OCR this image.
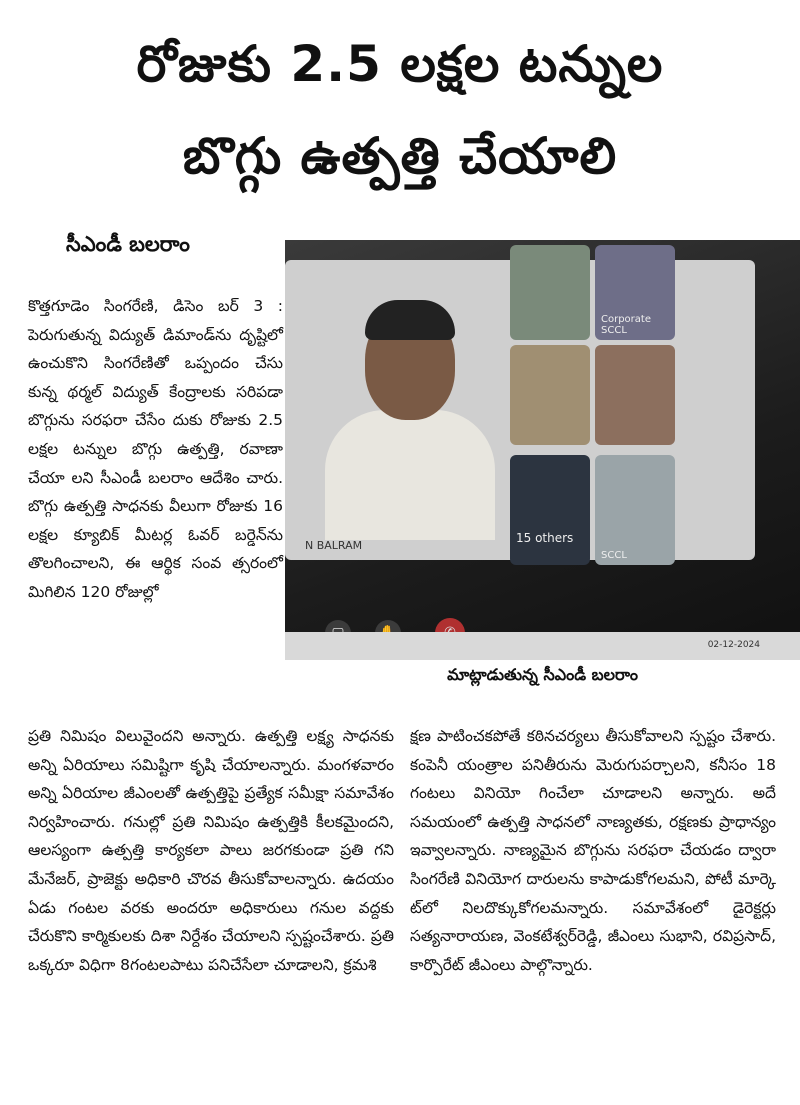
రోజుకు 2.5 లక్షల టన్నుల
బొగ్గు ఉత్పత్తి చేయాలి
సీఎండీ బలరాం

కొత్తగూడెం సింగరేణి, డిసెం బర్ 3 : పెరుగుతున్న విద్యుత్ డిమాండ్‌ను దృష్టిలో ఉంచుకొని సింగరేణితో ఒప్పందం చేసు కున్న థర్మల్ విద్యుత్ కేంద్రాలకు సరిపడా బొగ్గును సరఫరా చేసేం దుకు రోజుకు 2.5 లక్షల టన్నుల బొగ్గు ఉత్పత్తి, రవాణా చేయా లని సీఎండీ బలరాం ఆదేశిం చారు. బొగ్గు ఉత్పత్తి సాధనకు వీలుగా రోజుకు 16 లక్షల క్యూబిక్ మీటర్ల ఓవర్ బర్డెన్‌ను తొలగించాలని, ఈ ఆర్థిక సంవ త్సరంలో మిగిలిన 120 రోజుల్లో

N BALRAM
Corporate SCCL
15 others
SCCL
02-12-2024
మాట్లాడుతున్న సీఎండీ బలరాం

ప్రతి నిమిషం విలువైందని అన్నారు. ఉత్పత్తి లక్ష్య సాధనకు అన్ని ఏరియాలు సమిష్టిగా కృషి చేయాలన్నారు. మంగళవారం అన్ని ఏరియాల జీఎంలతో ఉత్పత్తిపై ప్రత్యేక సమీక్షా సమావేశం నిర్వహించారు. గనుల్లో ప్రతి నిమిషం ఉత్పత్తికి కీలకమైందని, ఆలస్యంగా ఉత్పత్తి కార్యకలా పాలు జరగకుండా ప్రతి గని మేనేజర్, ప్రాజెక్టు అధికారి చొరవ తీసుకోవాలన్నారు. ఉదయం ఏడు గంటల వరకు అందరూ అధికారులు గనుల వద్దకు చేరుకొని కార్మికులకు దిశా నిర్దేశం చేయాలని స్పష్టంచేశారు. ప్రతి ఒక్కరూ విధిగా 8గంటలపాటు పనిచేసేలా చూడాలని, క్రమశి

క్షణ పాటించకపోతే కఠినచర్యలు తీసుకోవాలని స్పష్టం చేశారు. కంపెనీ యంత్రాల పనితీరును మెరుగుపర్చాలని, కనీసం 18 గంటలు వినియో గించేలా చూడాలని అన్నారు. అదే సమయంలో ఉత్పత్తి సాధనలో నాణ్యతకు, రక్షణకు ప్రాధాన్యం ఇవ్వాలన్నారు. నాణ్యమైన బొగ్గును సరఫరా చేయడం ద్వారా సింగరేణి వినియోగ దారులను కాపాడుకోగలమని, పోటీ మార్కె ట్‌లో నిలదొక్కుకోగలమన్నారు. సమావేశంలో డైరెక్టర్లు సత్యనారాయణ, వెంకటేశ్వర్‌రెడ్డి, జీఎంలు సుభాని, రవిప్రసాద్, కార్పొరేట్ జీఎంలు పాల్గొన్నారు.
